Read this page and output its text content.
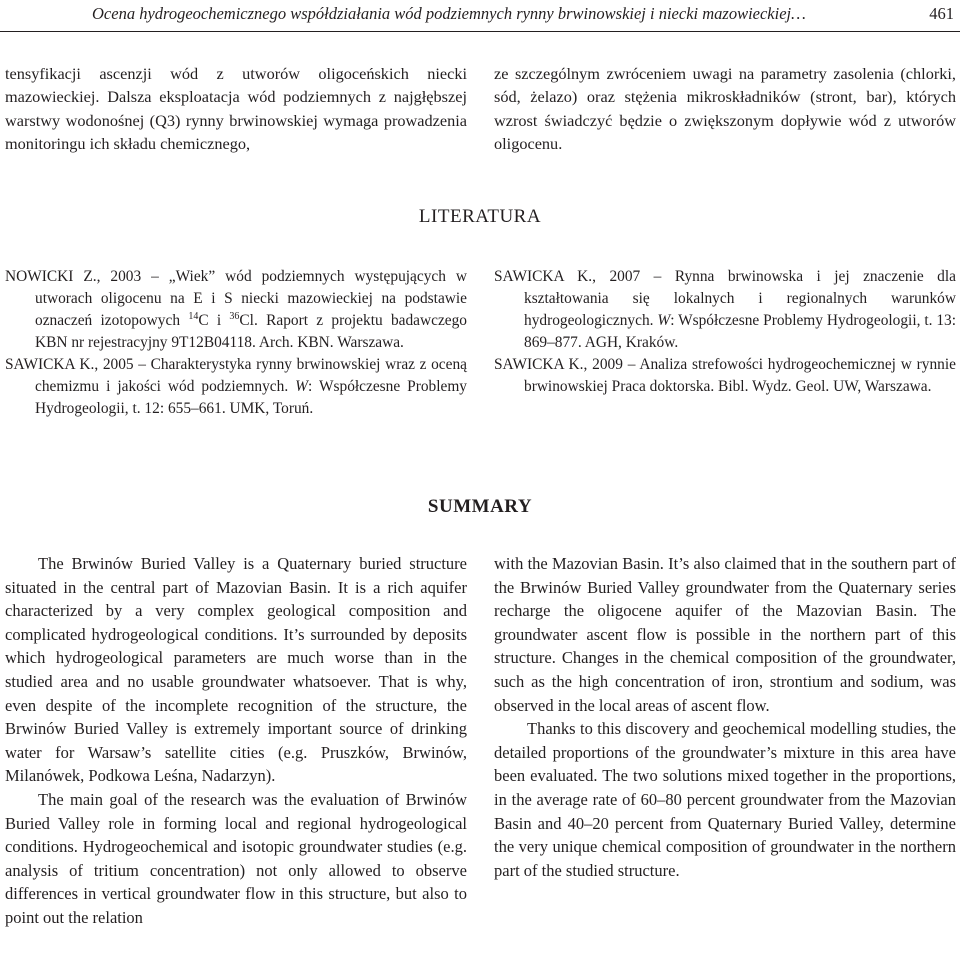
Ocena hydrogeochemicznego współdziałania wód podziemnych rynny brwinowskiej i niecki mazowieckiej…	461

tensyfikacji ascenzji wód z utworów oligoceńskich niecki mazowieckiej. Dalsza eksploatacja wód podziemnych z najgłębszej warstwy wodonośnej (Q3) rynny brwinowskiej wymaga prowadzenia monitoringu ich składu chemicznego,

ze szczególnym zwróceniem uwagi na parametry zasolenia (chlorki, sód, żelazo) oraz stężenia mikroskładników (stront, bar), których wzrost świadczyć będzie o zwiększonym dopływie wód z utworów oligocenu.

LITERATURA

NOWICKI Z., 2003 – „Wiek” wód podziemnych występujących w utworach oligocenu na E i S niecki mazowieckiej na podstawie oznaczeń izotopowych $^{14}$C i $^{36}$Cl. Raport z projektu badawczego KBN nr rejestracyjny 9T12B04118. Arch. KBN. Warszawa.

SAWICKA K., 2005 – Charakterystyka rynny brwinowskiej wraz z oceną chemizmu i jakości wód podziemnych. W: Współczesne Problemy Hydrogeologii, t. 12: 655–661. UMK, Toruń.

SAWICKA K., 2007 – Rynna brwinowska i jej znaczenie dla kształtowania się lokalnych i regionalnych warunków hydrogeologicznych. W: Współczesne Problemy Hydrogeologii, t. 13: 869–877. AGH, Kraków.

SAWICKA K., 2009 – Analiza strefowości hydrogeochemicznej w rynnie brwinowskiej Praca doktorska. Bibl. Wydz. Geol. UW, Warszawa.

SUMMARY

The Brwinów Buried Valley is a Quaternary buried structure situated in the central part of Mazovian Basin. It is a rich aquifer characterized by a very complex geological composition and complicated hydrogeological conditions. It’s surrounded by deposits which hydrogeological parameters are much worse than in the studied area and no usable groundwater whatsoever. That is why, even despite of the incomplete recognition of the structure, the Brwinów Buried Valley is extremely important source of drinking water for Warsaw’s satellite cities (e.g. Pruszków, Brwinów, Milanówek, Podkowa Leśna, Nadarzyn).

The main goal of the research was the evaluation of Brwinów Buried Valley role in forming local and regional hydrogeological conditions. Hydrogeochemical and isotopic groundwater studies (e.g. analysis of tritium concentration) not only allowed to observe differences in vertical groundwater flow in this structure, but also to point out the relation

with the Mazovian Basin. It’s also claimed that in the southern part of the Brwinów Buried Valley groundwater from the Quaternary series recharge the oligocene aquifer of the Mazovian Basin. The groundwater ascent flow is possible in the northern part of this structure. Changes in the chemical composition of the groundwater, such as the high concentration of iron, strontium and sodium, was observed in the local areas of ascent flow.

Thanks to this discovery and geochemical modelling studies, the detailed proportions of the groundwater’s mixture in this area have been evaluated. The two solutions mixed together in the proportions, in the average rate of 60–80 percent groundwater from the Mazovian Basin and 40–20 percent from Quaternary Buried Valley, determine the very unique chemical composition of groundwater in the northern part of the studied structure.
